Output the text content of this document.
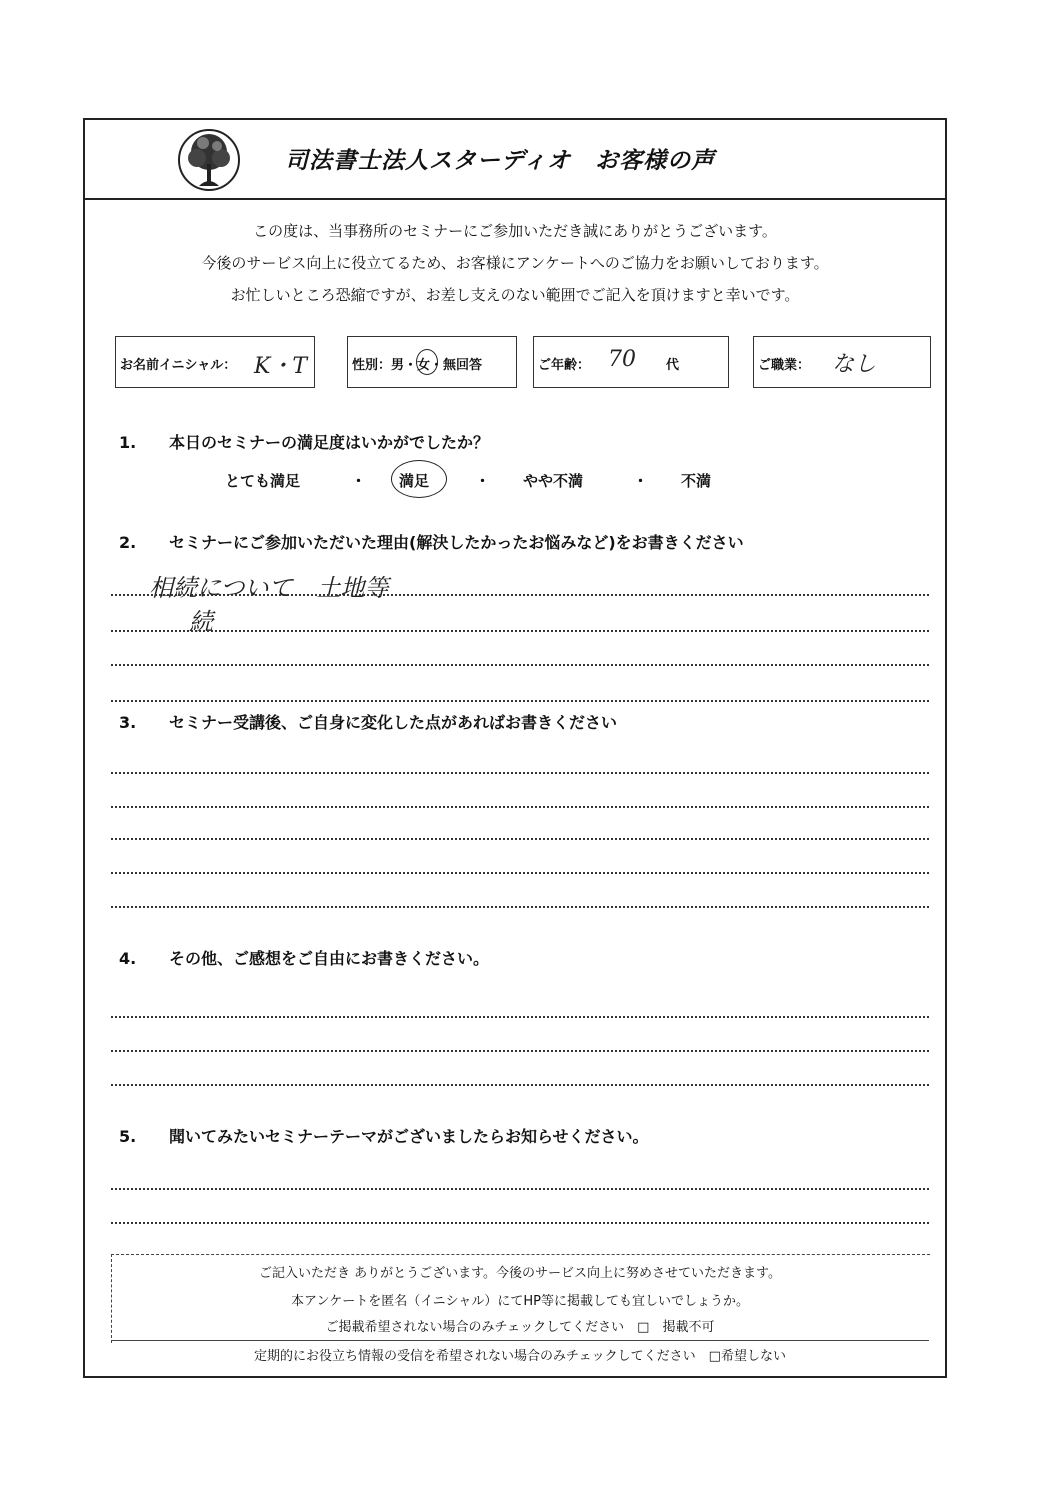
司法書士法人スターディオ　お客様の声
この度は、当事務所のセミナーにご参加いただき誠にありがとうございます。
今後のサービス向上に役立てるため、お客様にアンケートへのご協力をお願いしております。
お忙しいところ恐縮ですが、お差し支えのない範囲でご記入を頂けますと幸いです。
お名前イニシャル： K・T	性別：男・女・無回答	ご年齢： 70 代	ご職業： なし
1. 本日のセミナーの満足度はいかがでしたか？
とても満足	・ 満足	・ やや不満	・ 不満
2. セミナーにご参加いただいた理由(解決したかったお悩みなど)をお書きください
相続について　土地等
続
3. セミナー受講後、ご自身に変化した点があればお書きください
4. その他、ご感想をご自由にお書きください。
5. 聞いてみたいセミナーテーマがございましたらお知らせください。
ご記入いただき ありがとうございます。今後のサービス向上に努めさせていただきます。
本アンケートを匿名（イニシャル）にてHP等に掲載しても宜しいでしょうか。
ご掲載希望されない場合のみチェックしてください　□　掲載不可
定期的にお役立ち情報の受信を希望されない場合のみチェックしてください　□希望しない
